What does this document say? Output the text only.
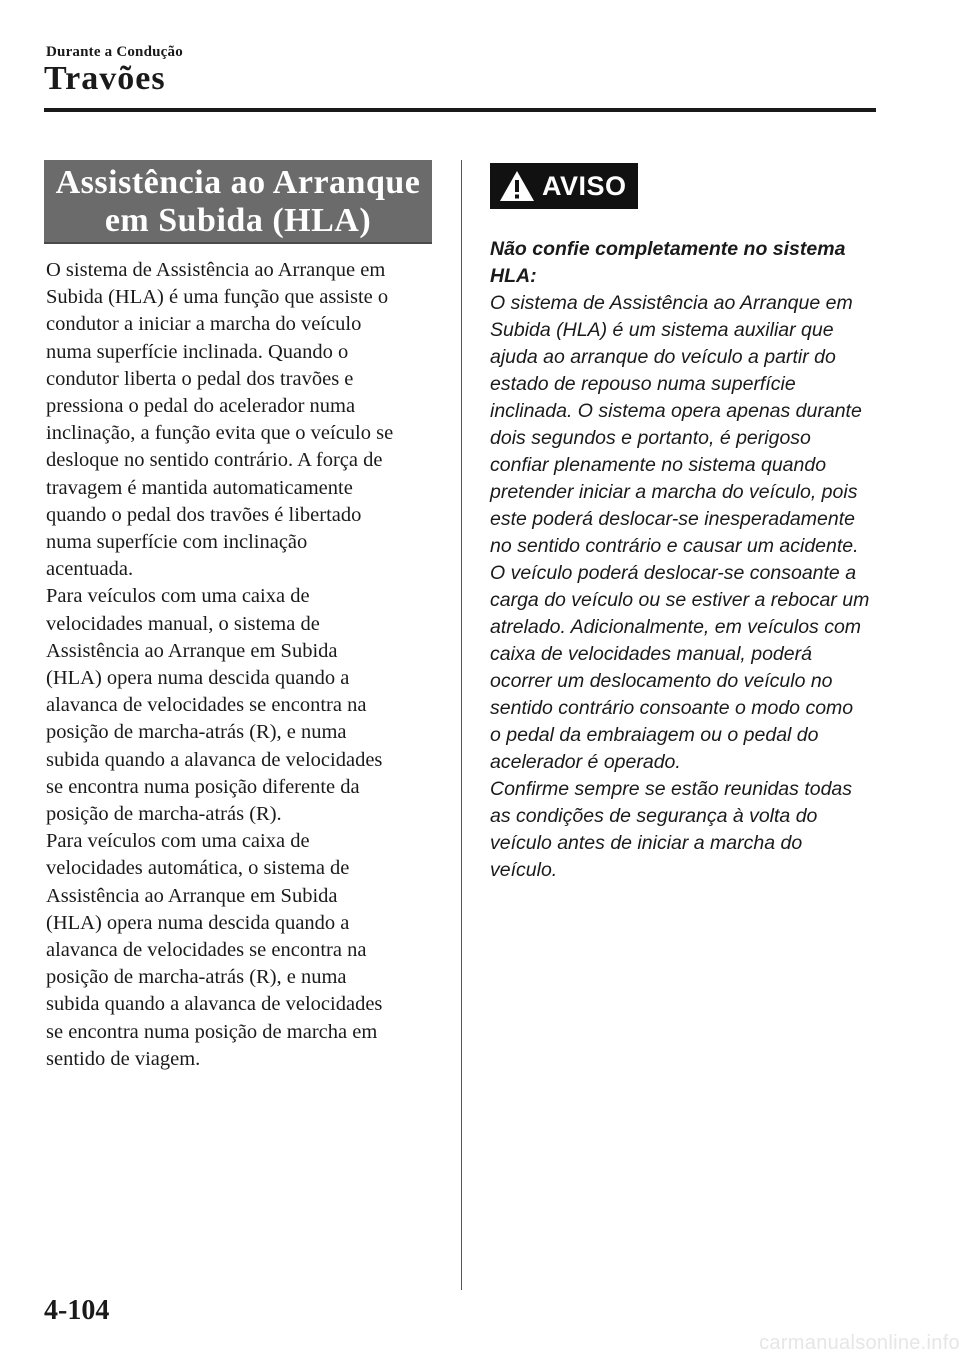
Durante a Condução
Travões
Assistência ao Arranque
em Subida (HLA)
O sistema de Assistência ao Arranque em
Subida (HLA) é uma função que assiste o
condutor a iniciar a marcha do veículo
numa superfície inclinada. Quando o
condutor liberta o pedal dos travões e
pressiona o pedal do acelerador numa
inclinação, a função evita que o veículo se
desloque no sentido contrário. A força de
travagem é mantida automaticamente
quando o pedal dos travões é libertado
numa superfície com inclinação
acentuada.
Para veículos com uma caixa de
velocidades manual, o sistema de
Assistência ao Arranque em Subida
(HLA) opera numa descida quando a
alavanca de velocidades se encontra na
posição de marcha-atrás (R), e numa
subida quando a alavanca de velocidades
se encontra numa posição diferente da
posição de marcha-atrás (R).
Para veículos com uma caixa de
velocidades automática, o sistema de
Assistência ao Arranque em Subida
(HLA) opera numa descida quando a
alavanca de velocidades se encontra na
posição de marcha-atrás (R), e numa
subida quando a alavanca de velocidades
se encontra numa posição de marcha em
sentido de viagem.
AVISO
Não confie completamente no sistema
HLA:
O sistema de Assistência ao Arranque em
Subida (HLA) é um sistema auxiliar que
ajuda ao arranque do veículo a partir do
estado de repouso numa superfície
inclinada. O sistema opera apenas durante
dois segundos e portanto, é perigoso
confiar plenamente no sistema quando
pretender iniciar a marcha do veículo, pois
este poderá deslocar-se inesperadamente
no sentido contrário e causar um acidente.
O veículo poderá deslocar-se consoante a
carga do veículo ou se estiver a rebocar um
atrelado. Adicionalmente, em veículos com
caixa de velocidades manual, poderá
ocorrer um deslocamento do veículo no
sentido contrário consoante o modo como
o pedal da embraiagem ou o pedal do
acelerador é operado.
Confirme sempre se estão reunidas todas
as condições de segurança à volta do
veículo antes de iniciar a marcha do
veículo.
4-104
carmanualsonline.info
